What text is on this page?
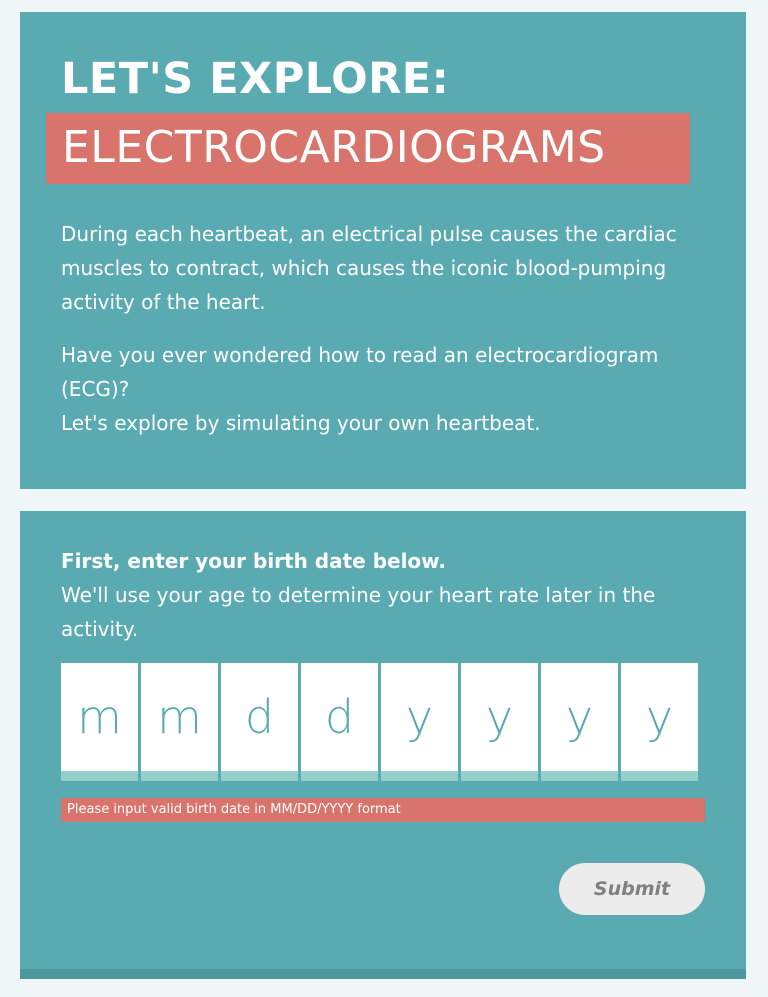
LET'S EXPLORE:
ELECTROCARDIOGRAMS

During each heartbeat, an electrical pulse causes the cardiac muscles to contract, which causes the iconic blood-pumping activity of the heart.

Have you ever wondered how to read an electrocardiogram (ECG)?
Let's explore by simulating your own heartbeat.

First, enter your birth date below.
We'll use your age to determine your heart rate later in the activity.

m
m
d
d
y
y
y
y
Please input valid birth date in MM/DD/YYYY format
Submit
